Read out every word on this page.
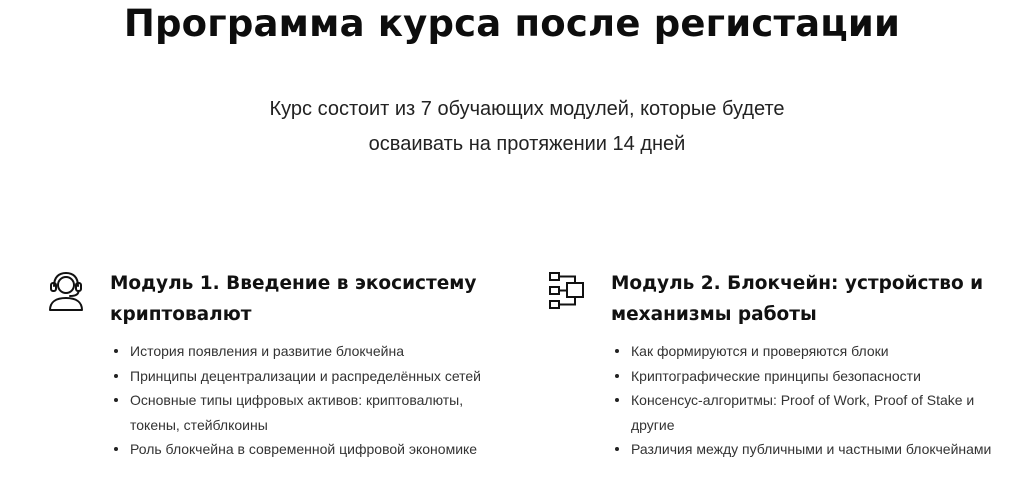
Программа курса после регистации
Курс состоит из 7 обучающих модулей, которые будете
осваивать на протяжении 14 дней
Модуль 1. Введение в экосистему
криптовалют
История появления и развитие блокчейна
Принципы децентрализации и распределённых сетей
Основные типы цифровых активов: криптовалюты,
токены, стейблкоины
Роль блокчейна в современной цифровой экономике
Модуль 2. Блокчейн: устройство и
механизмы работы
Как формируются и проверяются блоки
Криптографические принципы безопасности
Консенсус-алгоритмы: Proof of Work, Proof of Stake и
другие
Различия между публичными и частными блокчейнами
